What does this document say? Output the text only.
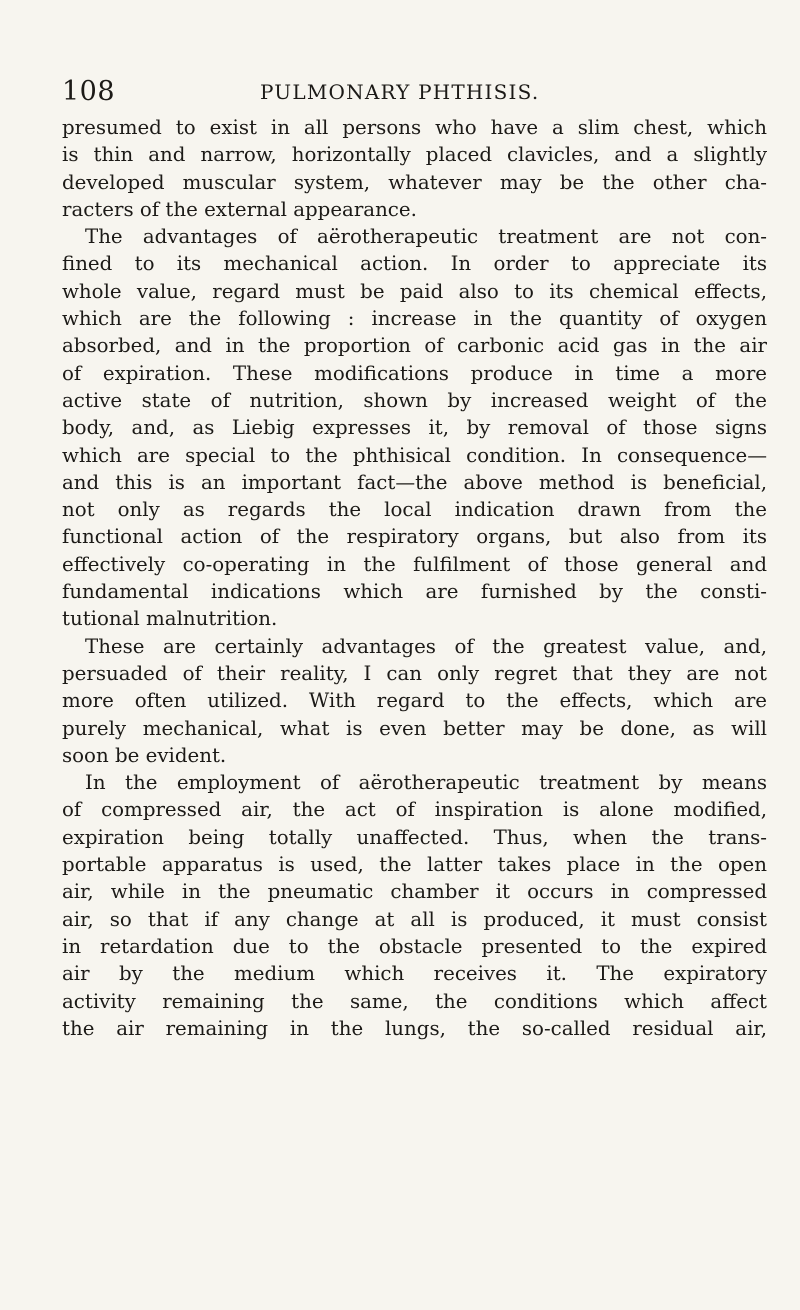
108	PULMONARY PHTHISIS.
presumed to exist in all persons who have a slim chest, which
is thin and narrow, horizontally placed clavicles, and a slightly
developed muscular system, whatever may be the other cha-
racters of the external appearance.
The advantages of aërotherapeutic treatment are not con-
fined to its mechanical action. In order to appreciate its
whole value, regard must be paid also to its chemical effects,
which are the following : increase in the quantity of oxygen
absorbed, and in the proportion of carbonic acid gas in the air
of expiration. These modifications produce in time a more
active state of nutrition, shown by increased weight of the
body, and, as Liebig expresses it, by removal of those signs
which are special to the phthisical condition. In consequence—
and this is an important fact—the above method is beneficial,
not only as regards the local indication drawn from the
functional action of the respiratory organs, but also from its
effectively co-operating in the fulfilment of those general and
fundamental indications which are furnished by the consti-
tutional malnutrition.
These are certainly advantages of the greatest value, and,
persuaded of their reality, I can only regret that they are not
more often utilized. With regard to the effects, which are
purely mechanical, what is even better may be done, as will
soon be evident.
In the employment of aërotherapeutic treatment by means
of compressed air, the act of inspiration is alone modified,
expiration being totally unaffected. Thus, when the trans-
portable apparatus is used, the latter takes place in the open
air, while in the pneumatic chamber it occurs in compressed
air, so that if any change at all is produced, it must consist
in retardation due to the obstacle presented to the expired
air by the medium which receives it. The expiratory
activity remaining the same, the conditions which affect
the air remaining in the lungs, the so-called residual air,
